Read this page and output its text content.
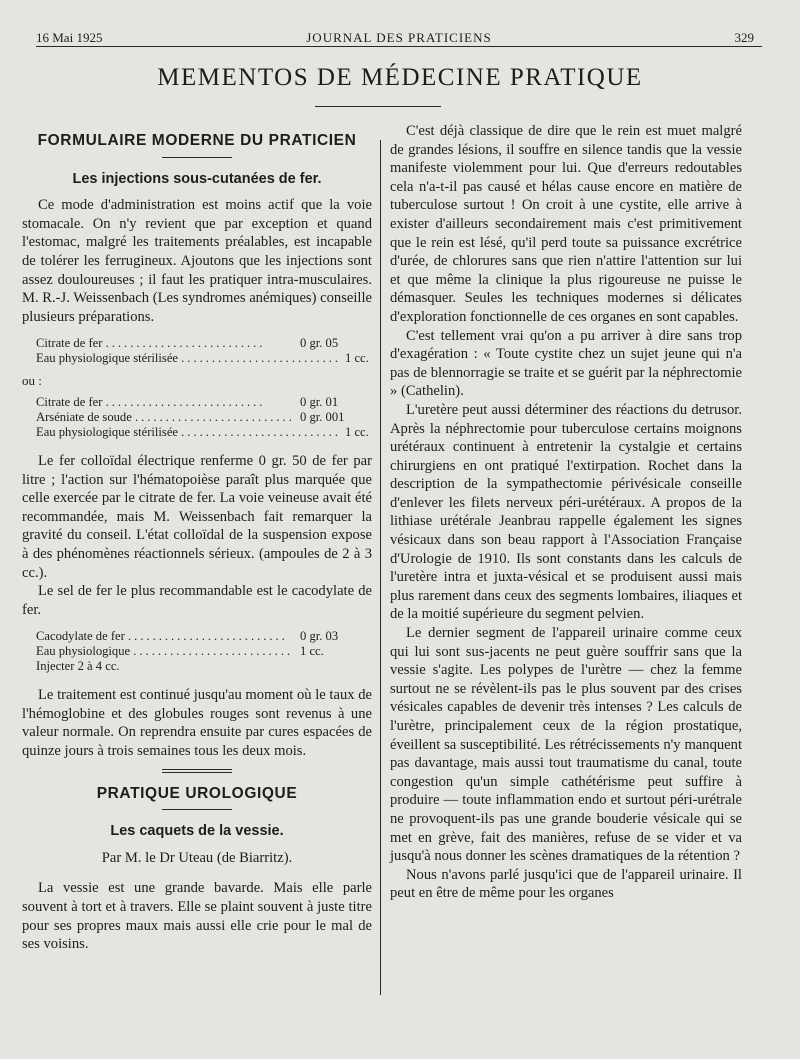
16 Mai 1925	JOURNAL DES PRATICIENS	329
MEMENTOS DE MÉDECINE PRATIQUE
FORMULAIRE MODERNE DU PRATICIEN
Les injections sous-cutanées de fer.

Ce mode d'administration est moins actif que la voie stomacale. On n'y revient que par exception et quand l'estomac, malgré les traitements préalables, est incapable de tolérer les ferrugineux. Ajoutons que les injections sont assez douloureuses ; il faut les pratiquer intra-musculaires. M. R.-J. Weissenbach (Les syndromes anémiques) conseille plusieurs préparations.

Citrate de fer ..........................	0 gr. 05
Eau physiologique stérilisée .......................... 1 cc.
ou :
Citrate de fer ..........................	0 gr. 01
Arséniate de soude .......................... 0 gr. 001
Eau physiologique stérilisée .......................... 1 cc.

Le fer colloïdal électrique renferme 0 gr. 50 de fer par litre ; l'action sur l'hématopoièse paraît plus marquée que celle exercée par le citrate de fer. La voie veineuse avait été recommandée, mais M. Weissenbach fait remarquer la gravité du conseil. L'état colloïdal de la suspension expose à des phénomènes réactionnels sérieux. (ampoules de 2 à 3 cc.).

Le sel de fer le plus recommandable est le cacodylate de fer.

Cacodylate de fer .......................... 0 gr. 03
Eau physiologique .......................... 1 cc.
Injecter 2 à 4 cc.

Le traitement est continué jusqu'au moment où le taux de l'hémoglobine et des globules rouges sont revenus à une valeur normale. On reprendra ensuite par cures espacées de quinze jours à trois semaines tous les deux mois.

PRATIQUE UROLOGIQUE
Les caquets de la vessie.
Par M. le Dr Uteau (de Biarritz).

La vessie est une grande bavarde. Mais elle parle souvent à tort et à travers. Elle se plaint souvent à juste titre pour ses propres maux mais aussi elle crie pour le mal de ses voisins.

C'est déjà classique de dire que le rein est muet malgré de grandes lésions, il souffre en silence tandis que la vessie manifeste violemment pour lui. Que d'erreurs redoutables cela n'a-t-il pas causé et hélas cause encore en matière de tuberculose surtout ! On croit à une cystite, elle arrive à exister d'ailleurs secondairement mais c'est primitivement que le rein est lésé, qu'il perd toute sa puissance excrétrice d'urée, de chlorures sans que rien n'attire l'attention sur lui et que même la clinique la plus rigoureuse ne puisse le démasquer. Seules les techniques modernes si délicates d'exploration fonctionnelle de ces organes en sont capables.

C'est tellement vrai qu'on a pu arriver à dire sans trop d'exagération : « Toute cystite chez un sujet jeune qui n'a pas de blennorragie se traite et se guérit par la néphrectomie » (Cathelin).

L'uretère peut aussi déterminer des réactions du detrusor. Après la néphrectomie pour tuberculose certains moignons urétéraux continuent à entretenir la cystalgie et certains chirurgiens en ont pratiqué l'extirpation. Rochet dans la description de la sympathectomie périvésicale conseille d'enlever les filets nerveux péri-urétéraux. A propos de la lithiase urétérale Jeanbrau rappelle également les signes vésicaux dans son beau rapport à l'Association Française d'Urologie de 1910. Ils sont constants dans les calculs de l'uretère intra et juxta-vésical et se produisent aussi mais plus rarement dans ceux des segments lombaires, iliaques et de la moitié supérieure du segment pelvien.

Le dernier segment de l'appareil urinaire comme ceux qui lui sont sus-jacents ne peut guère souffrir sans que la vessie s'agite. Les polypes de l'urètre — chez la femme surtout ne se révèlent-ils pas le plus souvent par des crises vésicales capables de devenir très intenses ? Les calculs de l'urètre, principalement ceux de la région prostatique, éveillent sa susceptibilité. Les rétrécissements n'y manquent pas davantage, mais aussi tout traumatisme du canal, toute congestion qu'un simple cathétérisme peut suffire à produire — toute inflammation endo et surtout péri-urétrale ne provoquent-ils pas une grande bouderie vésicale qui se met en grève, fait des manières, refuse de se vider et va jusqu'à nous donner les scènes dramatiques de la rétention ?

Nous n'avons parlé jusqu'ici que de l'appareil urinaire. Il peut en être de même pour les organes
